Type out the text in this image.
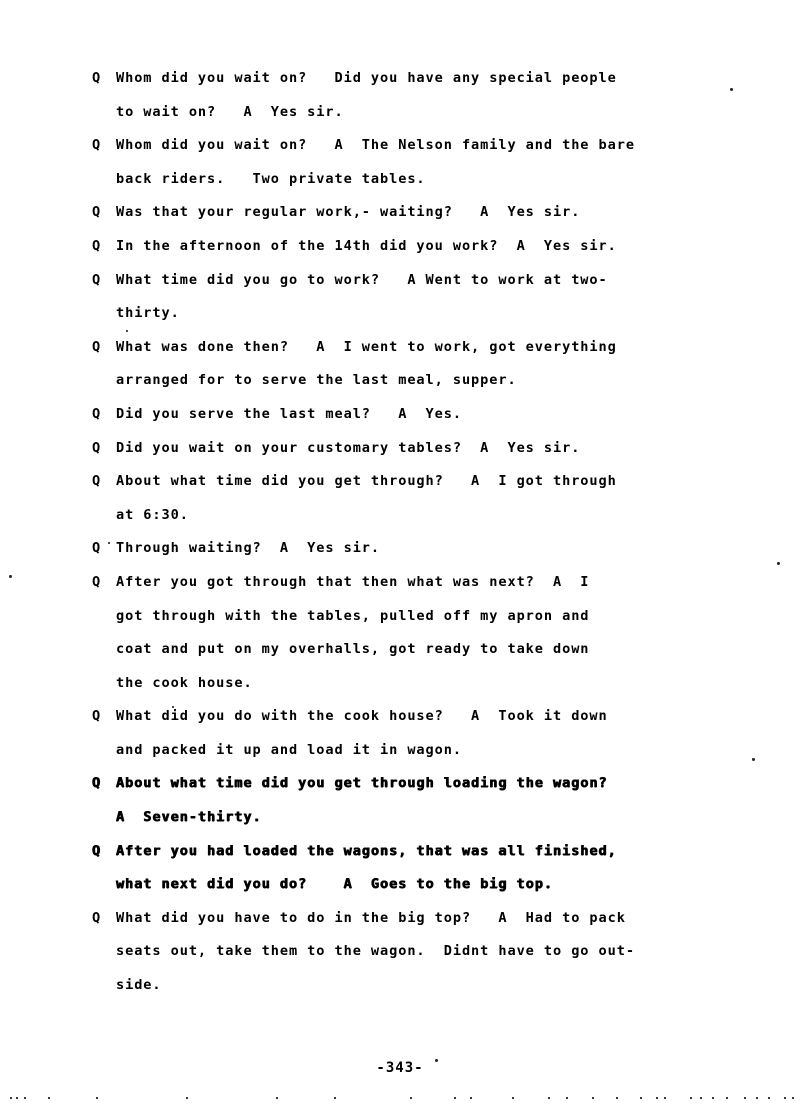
Q	Whom did you wait on?   Did you have any special people
to wait on?   A  Yes sir.
Q	Whom did you wait on?   A  The Nelson family and the bare
back riders.   Two private tables.
Q	Was that your regular work,- waiting?   A  Yes sir.
Q	In the afternoon of the 14th did you work?  A  Yes sir.
Q	What time did you go to work?   A Went to work at two-
thirty.
Q	What was done then?   A  I went to work, got everything
arranged for to serve the last meal, supper.
Q	Did you serve the last meal?   A  Yes.
Q	Did you wait on your customary tables?  A  Yes sir.
Q	About what time did you get through?   A  I got through
at 6:30.
Q	Through waiting?  A  Yes sir.
Q	After you got through that then what was next?  A  I
got through with the tables, pulled off my apron and
coat and put on my overhalls, got ready to take down
the cook house.
Q	What did you do with the cook house?   A  Took it down
and packed it up and load it in wagon.
Q	About what time did you get through loading the wagon?
A  Seven-thirty.
Q	After you had loaded the wagons, that was all finished,
what next did you do?    A  Goes to the big top.
Q	What did you have to do in the big top?   A  Had to pack
seats out, take them to the wagon.  Didnt have to go out-
side.
-343-
